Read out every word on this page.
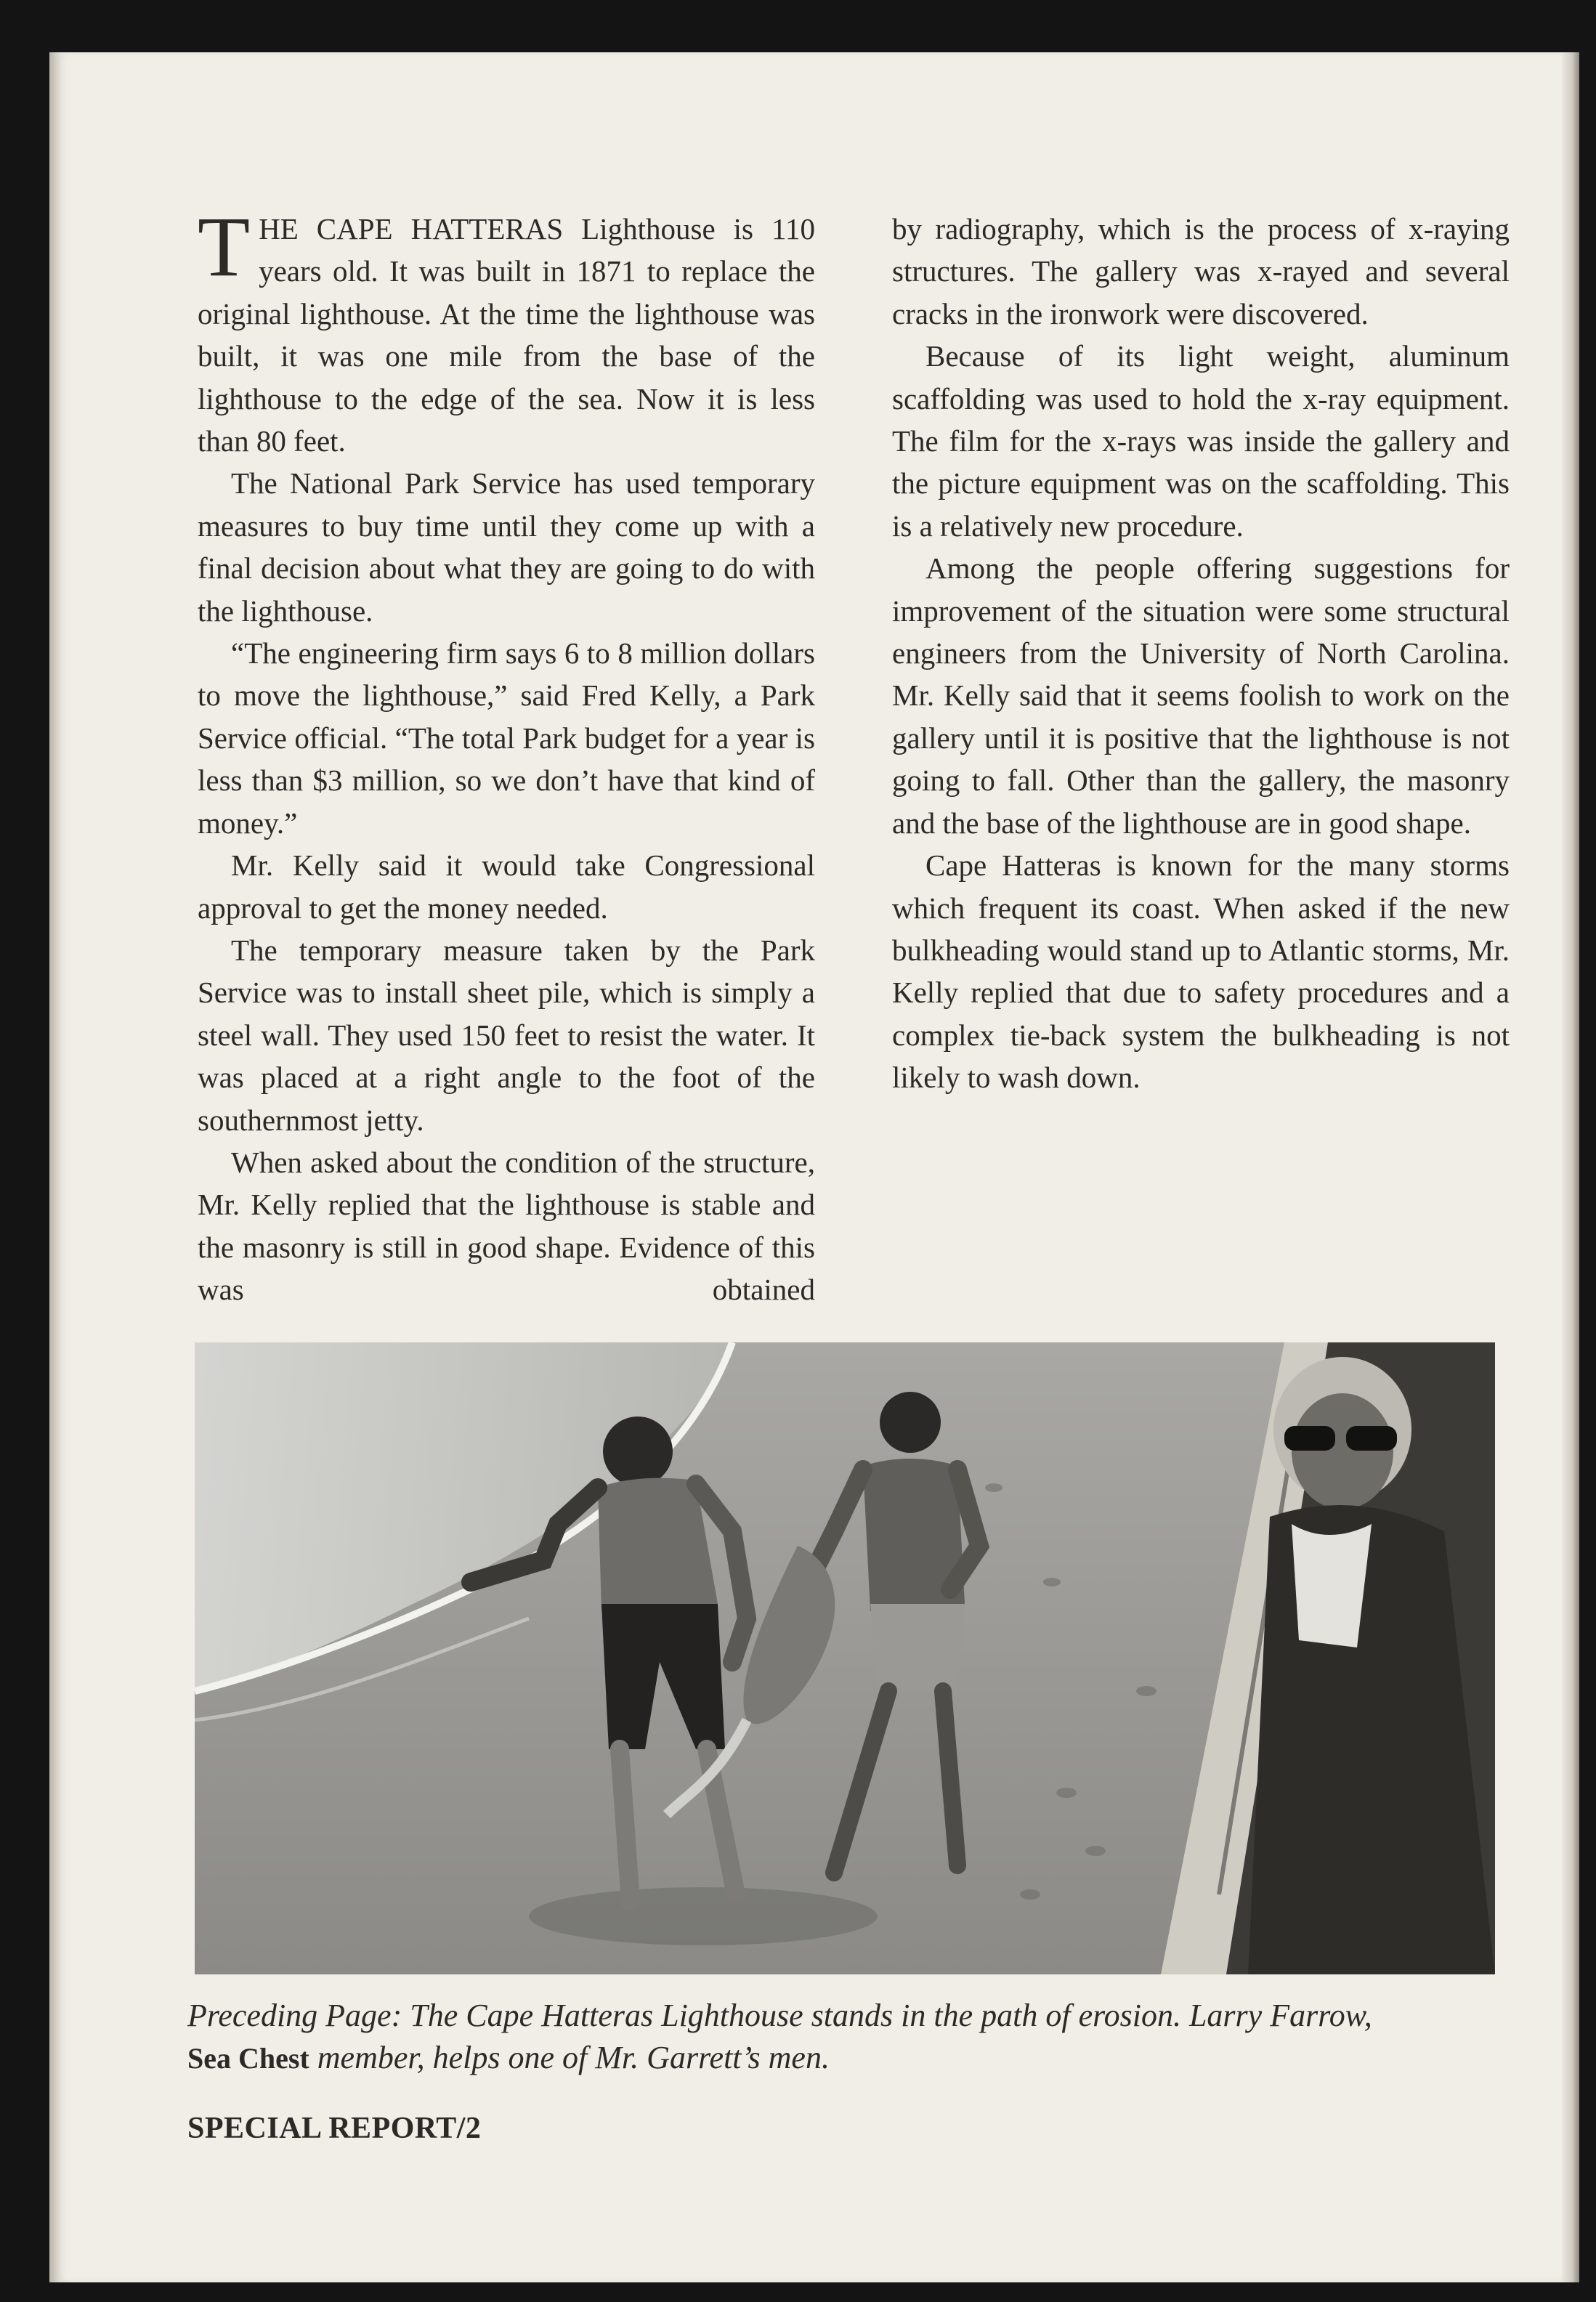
THE CAPE HATTERAS Lighthouse is 110 years old. It was built in 1871 to replace the original lighthouse. At the time the lighthouse was built, it was one mile from the base of the lighthouse to the edge of the sea. Now it is less than 80 feet.

The National Park Service has used temporary measures to buy time until they come up with a final decision about what they are going to do with the lighthouse.

“The engineering firm says 6 to 8 million dollars to move the lighthouse,” said Fred Kelly, a Park Service official. “The total Park budget for a year is less than $3 million, so we don’t have that kind of money.”

Mr. Kelly said it would take Congressional approval to get the money needed.

The temporary measure taken by the Park Service was to install sheet pile, which is simply a steel wall. They used 150 feet to resist the water. It was placed at a right angle to the foot of the southernmost jetty.

When asked about the condition of the structure, Mr. Kelly replied that the lighthouse is stable and the masonry is still in good shape. Evidence of this was obtained

by radiography, which is the process of x-raying structures. The gallery was x-rayed and several cracks in the ironwork were discovered.

Because of its light weight, aluminum scaffolding was used to hold the x-ray equipment. The film for the x-rays was inside the gallery and the picture equipment was on the scaffolding. This is a relatively new procedure.

Among the people offering suggestions for improvement of the situation were some structural engineers from the University of North Carolina. Mr. Kelly said that it seems foolish to work on the gallery until it is positive that the lighthouse is not going to fall. Other than the gallery, the masonry and the base of the lighthouse are in good shape.

Cape Hatteras is known for the many storms which frequent its coast. When asked if the new bulkheading would stand up to Atlantic storms, Mr. Kelly replied that due to safety procedures and a complex tie-back system the bulkheading is not likely to wash down.

Preceding Page: The Cape Hatteras Lighthouse stands in the path of erosion. Larry Farrow,
Sea Chest member, helps one of Mr. Garrett’s men.
SPECIAL REPORT/2
